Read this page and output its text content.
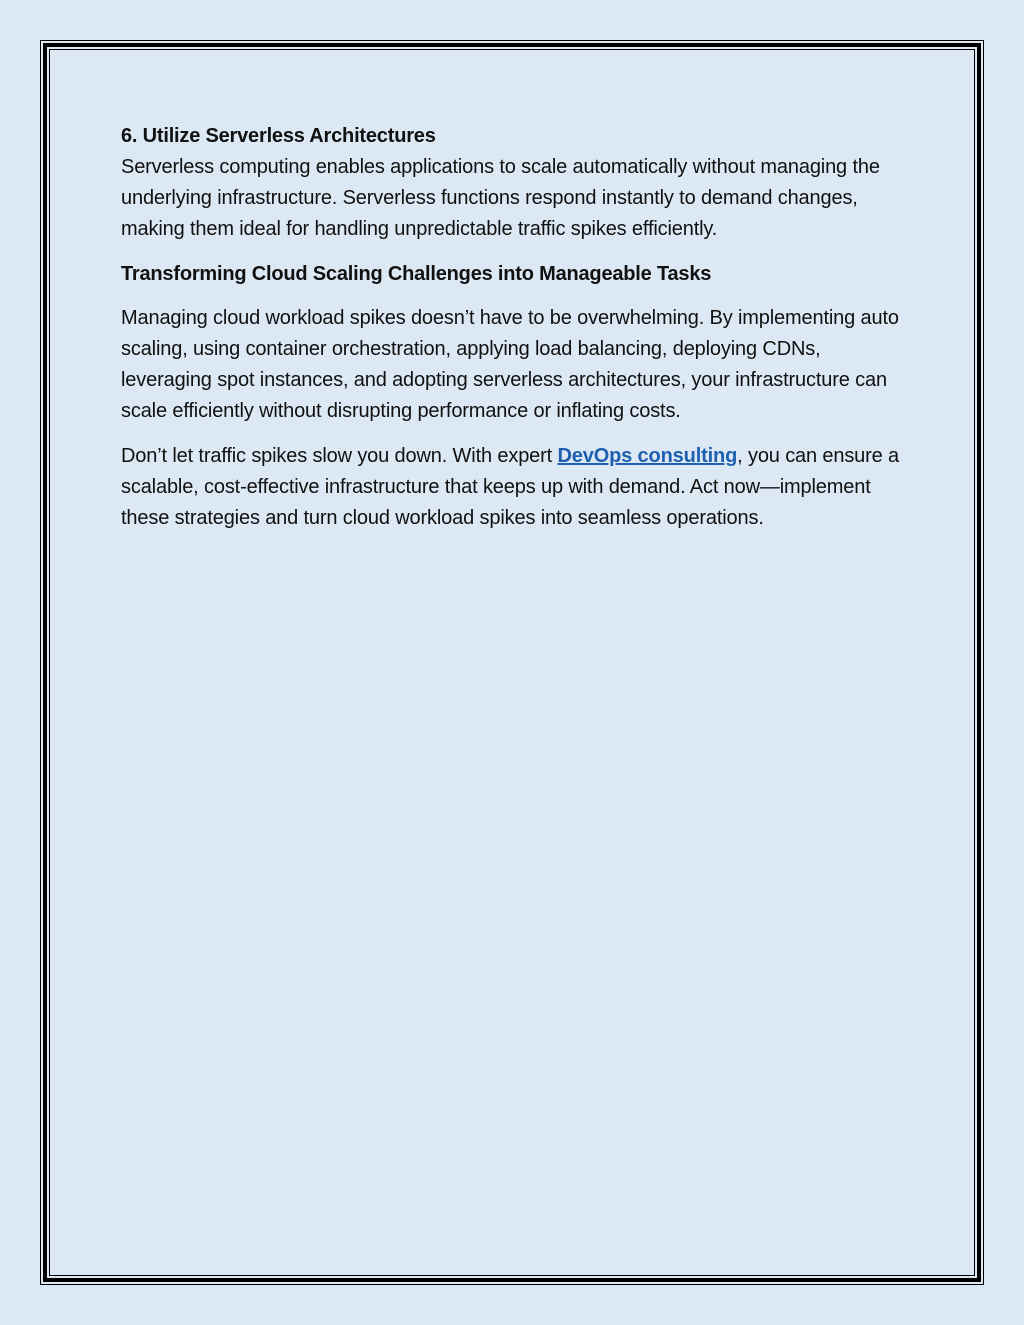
6. Utilize Serverless Architectures

Serverless computing enables applications to scale automatically without managing the underlying infrastructure. Serverless functions respond instantly to demand changes, making them ideal for handling unpredictable traffic spikes efficiently.

Transforming Cloud Scaling Challenges into Manageable Tasks

Managing cloud workload spikes doesn’t have to be overwhelming. By implementing auto scaling, using container orchestration, applying load balancing, deploying CDNs, leveraging spot instances, and adopting serverless architectures, your infrastructure can scale efficiently without disrupting performance or inflating costs.

Don’t let traffic spikes slow you down. With expert DevOps consulting, you can ensure a scalable, cost-effective infrastructure that keeps up with demand. Act now—implement these strategies and turn cloud workload spikes into seamless operations.
